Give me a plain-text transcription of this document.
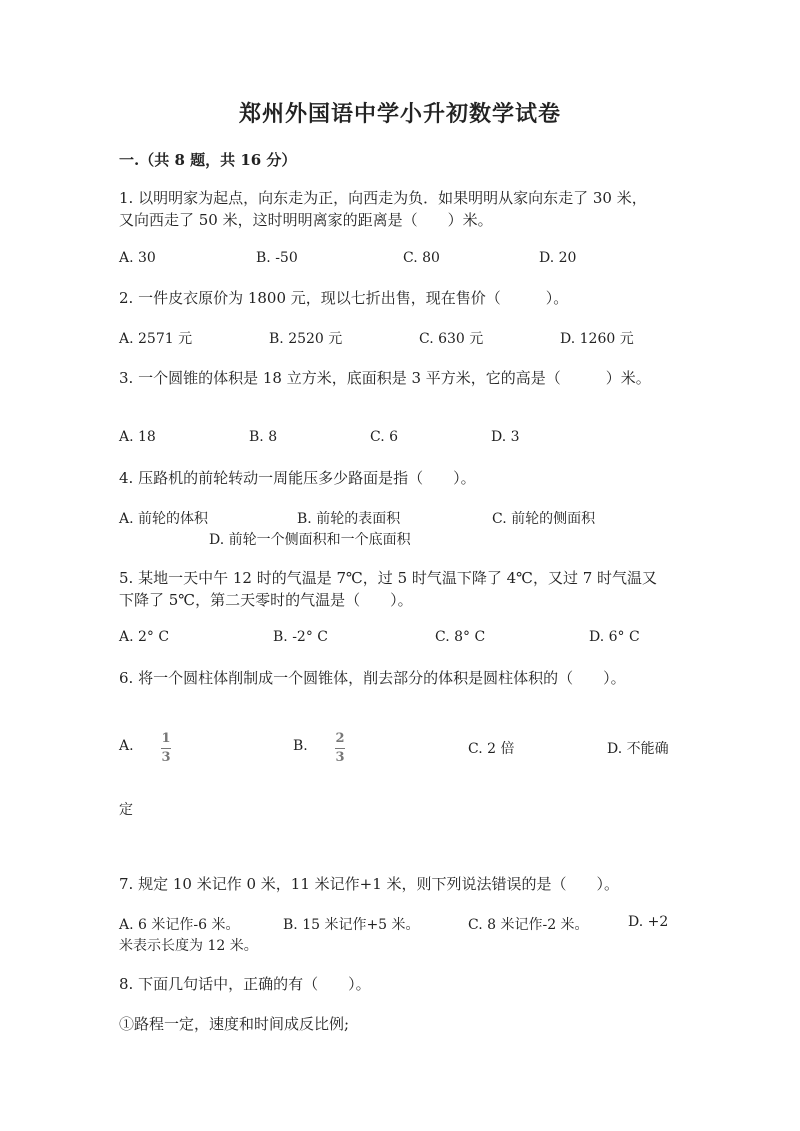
郑州外国语中学小升初数学试卷
一.（共 8 题，共 16 分）
1. 以明明家为起点，向东走为正，向西走为负．如果明明从家向东走了 30 米，
又向西走了 50 米，这时明明离家的距离是（　　）米。
A. 30	B. -50	C. 80	D. 20
2. 一件皮衣原价为 1800 元，现以七折出售，现在售价（　　　）。
A. 2571 元	B. 2520 元	C. 630 元	D. 1260 元
3. 一个圆锥的体积是 18 立方米，底面积是 3 平方米，它的高是（　　　）米。
A. 18	B. 8	C. 6	D. 3
4. 压路机的前轮转动一周能压多少路面是指（　　）。
A. 前轮的体积	B. 前轮的表面积	C. 前轮的侧面积
D. 前轮一个侧面积和一个底面积
5. 某地一天中午 12 时的气温是 7℃，过 5 时气温下降了 4℃，又过 7 时气温又
下降了 5℃，第二天零时的气温是（　　）。
A. 2° C	B. -2° C	C. 8° C	D. 6° C
6. 将一个圆柱体削制成一个圆锥体，削去部分的体积是圆柱体积的（　　）。
A. 1
3
B. 2
3
C. 2 倍	D. 不能确
定
7. 规定 10 米记作 0 米，11 米记作+1 米，则下列说法错误的是（　　）。
A. 6 米记作-6 米。	B. 15 米记作+5 米。	C. 8 米记作-2 米。	D. +2
米表示长度为 12 米。
8. 下面几句话中，正确的有（　　）。
①路程一定，速度和时间成反比例;
